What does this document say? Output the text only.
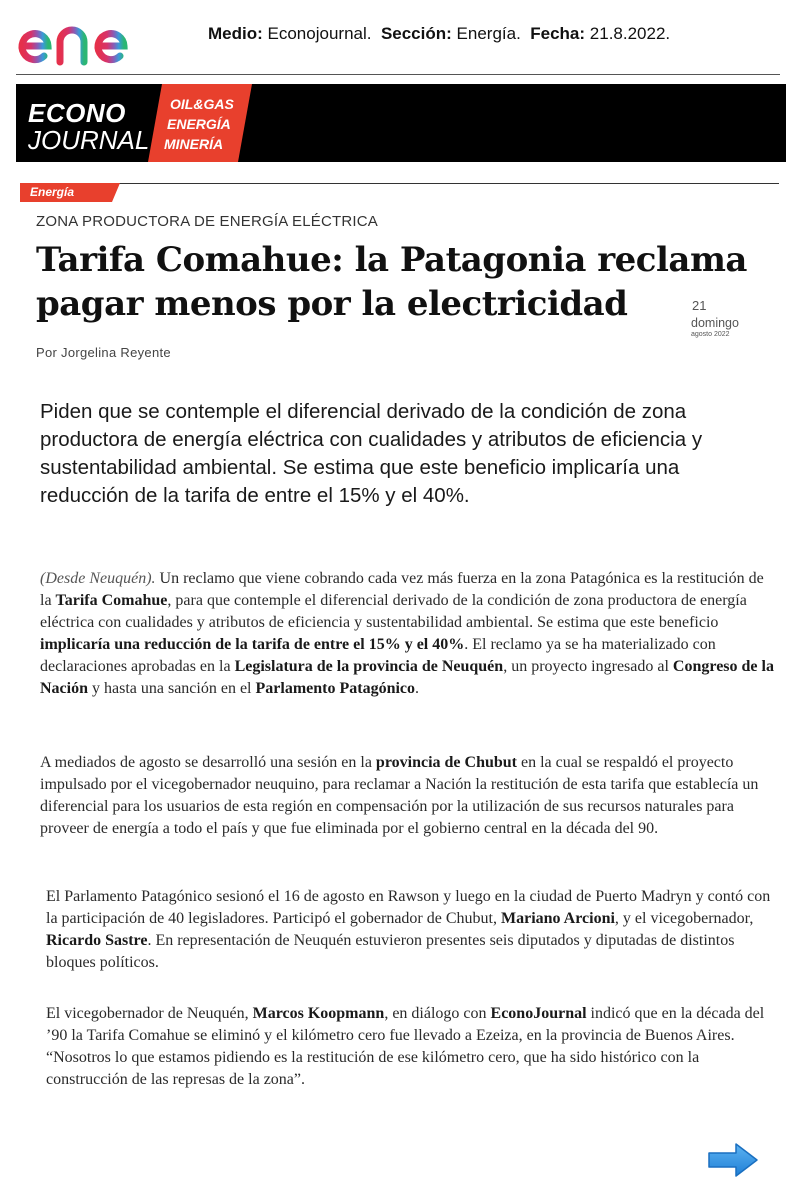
Medio: Econojournal. Sección: Energía. Fecha: 21.8.2022.
ECONO
JOURNAL
OIL&GAS
ENERGÍA
MINERÍA
Energía
ZONA PRODUCTORA DE ENERGÍA ELÉCTRICA
Tarifa Comahue: la Patagonia reclama pagar menos por la electricidad	21
domingo
agosto 2022
Por Jorgelina Reyente

Piden que se contemple el diferencial derivado de la condición de zona productora de energía eléctrica con cualidades y atributos de eficiencia y sustentabilidad ambiental. Se estima que este beneficio implicaría una reducción de la tarifa de entre el 15% y el 40%.

(Desde Neuquén). Un reclamo que viene cobrando cada vez más fuerza en la zona Patagónica es la restitución de la Tarifa Comahue, para que contemple el diferencial derivado de la condición de zona productora de energía eléctrica con cualidades y atributos de eficiencia y sustentabilidad ambiental. Se estima que este beneficio implicaría una reducción de la tarifa de entre el 15% y el 40%. El reclamo ya se ha materializado con declaraciones aprobadas en la Legislatura de la provincia de Neuquén, un proyecto ingresado al Congreso de la Nación y hasta una sanción en el Parlamento Patagónico.

A mediados de agosto se desarrolló una sesión en la provincia de Chubut en la cual se respaldó el proyecto impulsado por el vicegobernador neuquino, para reclamar a Nación la restitución de esta tarifa que establecía un diferencial para los usuarios de esta región en compensación por la utilización de sus recursos naturales para proveer de energía a todo el país y que fue eliminada por el gobierno central en la década del 90.

El Parlamento Patagónico sesionó el 16 de agosto en Rawson y luego en la ciudad de Puerto Madryn y contó con la participación de 40 legisladores. Participó el gobernador de Chubut, Mariano Arcioni, y el vicegobernador, Ricardo Sastre. En representación de Neuquén estuvieron presentes seis diputados y diputadas de distintos bloques políticos.

El vicegobernador de Neuquén, Marcos Koopmann, en diálogo con EconoJournal indicó que en la década del ’90 la Tarifa Comahue se eliminó y el kilómetro cero fue llevado a Ezeiza, en la provincia de Buenos Aires. “Nosotros lo que estamos pidiendo es la restitución de ese kilómetro cero, que ha sido histórico con la construcción de las represas de la zona”.
